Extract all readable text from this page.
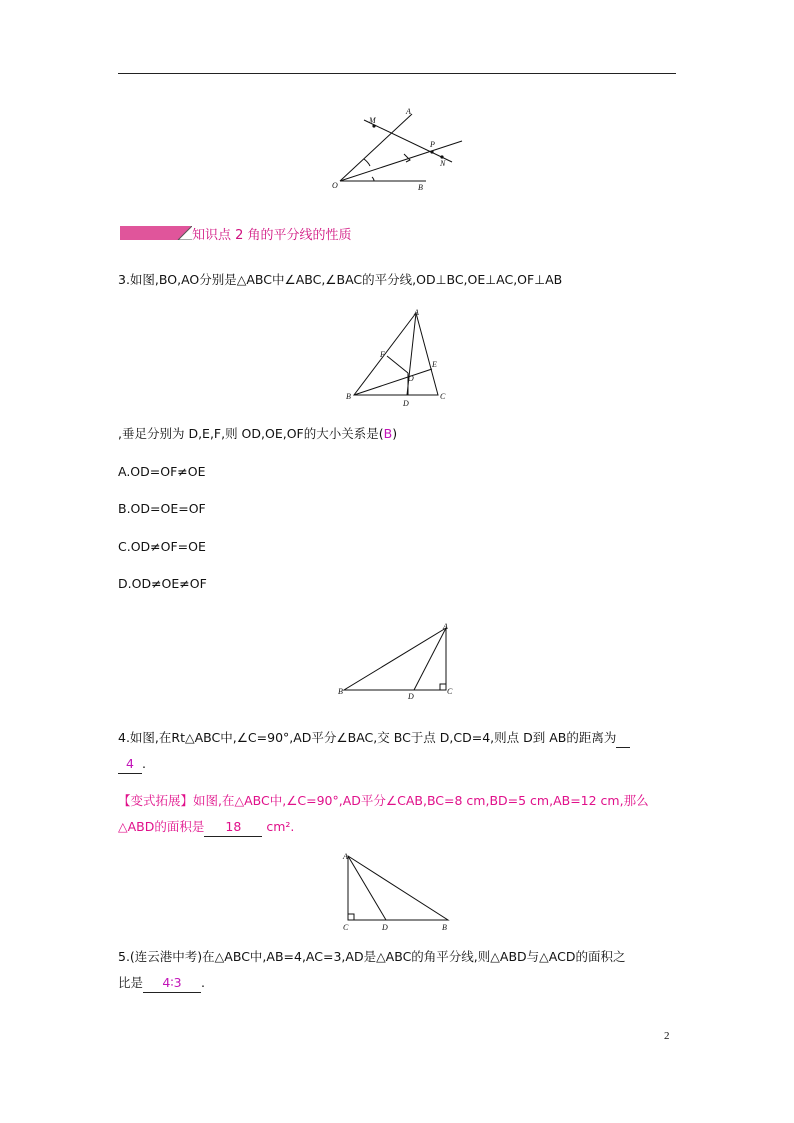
A
M
P
N
O	B
知识点 2 角的平分线的性质
3.如图,BO,AO分别是△ABC中∠ABC,∠BAC的平分线,OD⊥BC,OE⊥AC,OF⊥AB
A
F
E
O
B
D
C
,垂足分别为 D,E,F,则 OD,OE,OF的大小关系是(B)
A.OD=OF≠OE
B.OD=OE=OF
C.OD≠OF=OE
D.OD≠OE≠OF
A
B
D
C
4.如图,在Rt△ABC中,∠C=90°,AD平分∠BAC,交 BC于点 D,CD=4,则点 D到 AB的距离为
4 .
【变式拓展】如图,在△ABC中,∠C=90°,AD平分∠CAB,BC=8 cm,BD=5 cm,AB=12 cm,那么
△ABD的面积是 18 cm².
A
C	D	B
5.(连云港中考)在△ABC中,AB=4,AC=3,AD是△ABC的角平分线,则△ABD与△ACD的面积之
比是 4∶3 .
2
